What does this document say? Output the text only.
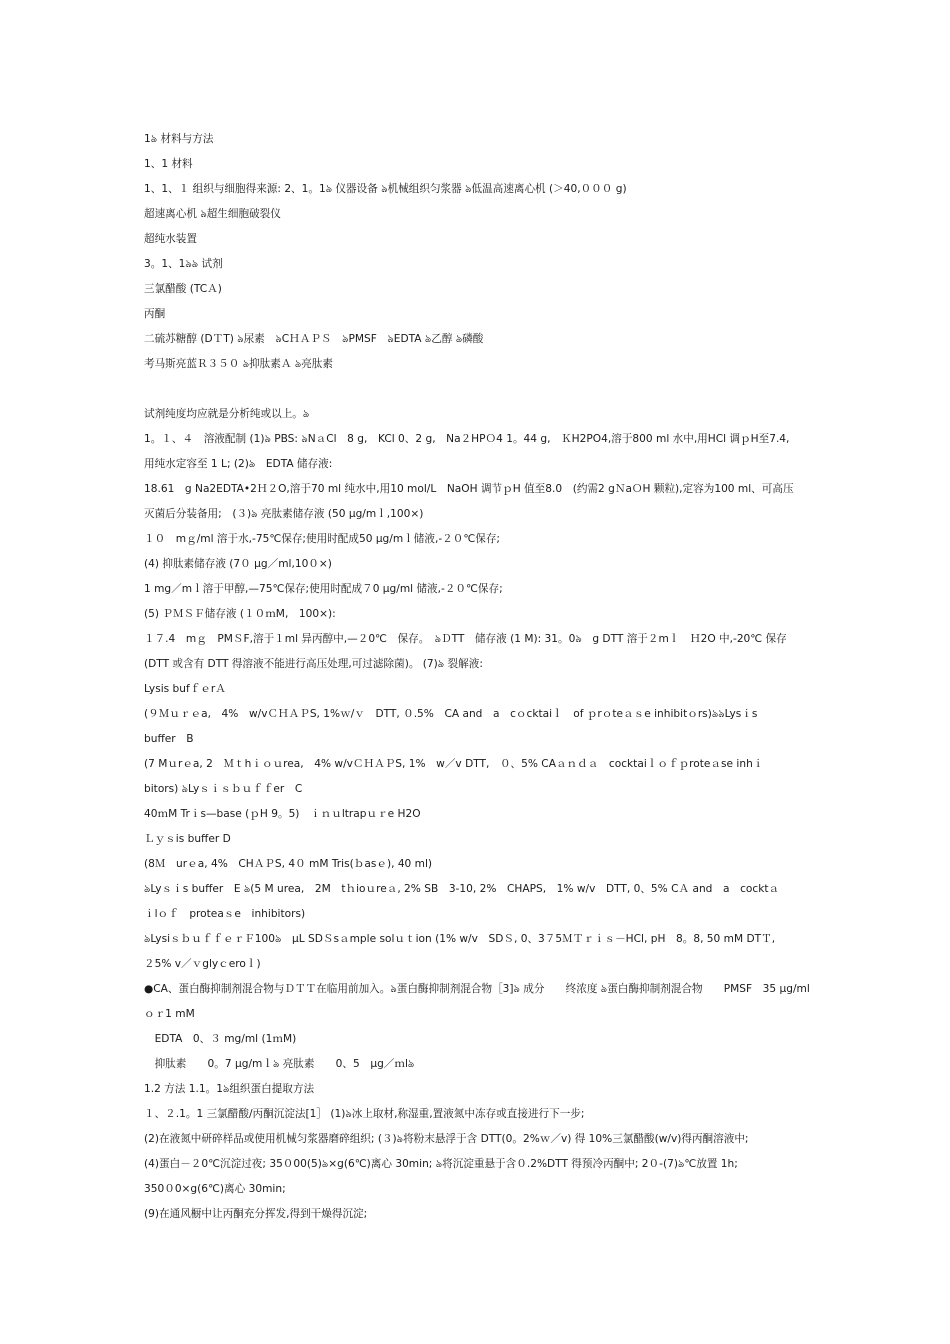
1ঌ 材料与方法
1、1 材料
1、1、１ 组织与细胞得来源: 2、1。1ঌ 仪器设备 ঌ机械组织匀浆器 ঌ低温高速离心机 (＞40,０００ g)
超速离心机 ঌ超生细胞破裂仪
超纯水装置
3。1、1ঌঌ 试剂
三氯醋酸 (TCＡ)
丙酮
二硫苏糖醇 (DＴT) ঌ尿素　ঌCＨＡＰＳ　ঌPMSF　ঌEDTA ঌ乙醇 ঌ磷酸
考马斯亮蓝Ｒ３５０ ঌ抑肽素Ａ ঌ亮肽素
试剂纯度均应就是分析纯或以上。ঌ
1。１、４　溶液配制 (1)ঌ PBS: ঌNａCl　8 g,　KCl 0、2 g,　Na２HPＯ4 1。44 g,　ＫH2PO4,溶于800 ml 水中,用HCl 调ｐH至7.4,
用纯水定容至 1 L; (2)ঌ　EDTA 储存液:
18.61　g Na2EDTA•2Ｈ２O,溶于70 ml 纯水中,用10 mol/L　NaOH 调节ｐH 值至8.0　(约需2 gＮaＯH 颗粒),定容为100 ml、可高压
灭菌后分装备用;　(３)ঌ 亮肽素储存液 (50 μg/mｌ,100×)
１０　mｇ/ml 溶于水,-75℃保存;使用时配成50 μg/mｌ储液,-２０℃保存;
(4) 抑肽素储存液 (7０ μg／ml,10０×)
1 mg／mｌ溶于甲醇,—75℃保存;使用时配成７0 μg/ml 储液,-２０℃保存;
(5) ＰＭＳＦ储存液 (１０ｍM,　100×):
１７.4　mｇ　PMＳF,溶于１ml 异丙醇中,—２0℃　保存。　ঌＤTT　储存液 (1 M): 31。0ঌ　g DTT 溶于２mｌ　Ｈ2O 中,-20℃ 保存
(DTT 或含有 DTT 得溶液不能进行高压处理,可过滤除菌)。 (7)ঌ 裂解液:
Lysis bufｆｅrＡ
(９Ｍｕｒｅa,　4%　w/vＣＨＡＰS, 1%ｗ/ｖ　DTT, ０.5%　CA and　a　cｏcktaiｌ　of ｐrｏteａｓe inhibitｏrs)ঌঌLysｉs
buffer　B
(7 Mｕrｅa, 2　Ｍｔhｉｏｕrea,　4% w/vＣＨＡＰS, 1%　w／v DTT,　０、5% CAａｎｄａ　cocktaiｌｏｆｐroteａse inhｉ
bitors) ঌLyｓｉｓｂｕｆｆer　C
40ｍM Trｉs—base (ｐH 9。5)　ｉｎｕltrapｕｒe H2O
Ｌｙｓis buffer D
(8Ｍ　urｅa, 4%　CHＡＰS, 4０ mM Tris(ｂasｅ), 40 ml)
ঌLyｓｉs buffer　E ঌ(5 M urea,　2M　tｈioｕreａ, 2% SB　3-10, 2%　CHAPS,　1% w/v　DTT, 0、5% CＡ and　a　cocktａ
ｉlｏｆ　proteaｓe　inhibitors)
ঌLysiｓｂｕｆｆｅｒＦ100ঌ　μL SDＳsａmple solｕｔion (1% w/v　SDＳ, 0、3７5ＭＴｒｉｓ－HCl, pH　8。8, 50 mM DTＴ,
２5% v／ｖglyｃeroｌ)
●CA、蛋白酶抑制剂混合物与ＤＴＴ在临用前加入。ঌ蛋白酶抑制剂混合物［3]ঌ 成分　　终浓度 ঌ蛋白酶抑制剂混合物　　PMSF　35 μg/ml
ｏｒ1 mM
　EDTA　0、３ mg/ml (1ｍM)
　抑肽素　　0。7 μg/mｌঌ 亮肽素　　0、5　μg／ｍlঌ
1.2 方法 1.1。1ঌ组织蛋白提取方法
１、２.1。1 三氯醋酸/丙酮沉淀法[1］ (1)ঌ冰上取材,称湿重,置液氮中冻存或直接进行下一步;
(2)在液氮中研碎样品或使用机械匀浆器磨碎组织; (３)ঌ将粉末悬浮于含 DTT(0。2%ｗ／v) 得 10%三氯醋酸(w/v)得丙酮溶液中;
(4)蛋白－２0℃沉淀过夜; 35０00(5)ঌ×g(6℃)离心 30min; ঌ将沉淀重悬于含０.2%DTT 得预冷丙酮中; 2０-(7)ঌ℃放置 1h;
350０0×g(6℃)离心 30min;
(9)在通风橱中让丙酮充分挥发,得到干燥得沉淀;
